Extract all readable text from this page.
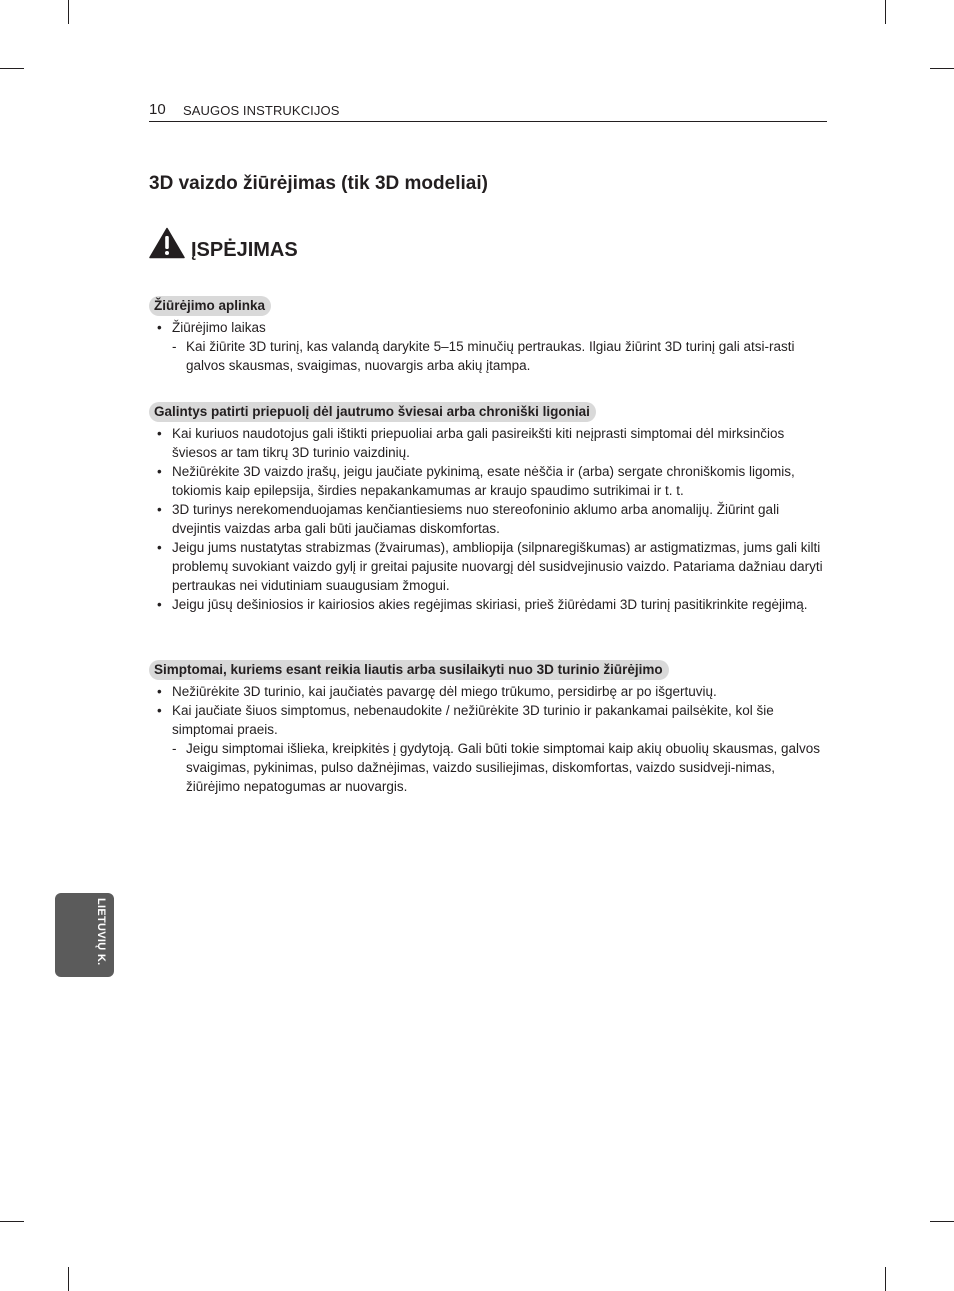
10 SAUGOS INSTRUKCIJOS
3D vaizdo žiūrėjimas (tik 3D modeliai)
ĮSPĖJIMAS
Žiūrėjimo aplinka
• Žiūrėjimo laikas
- Kai žiūrite 3D turinį, kas valandą darykite 5–15 minučių pertraukas. Ilgiau žiūrint 3D turinį gali atsi-rasti galvos skausmas, svaigimas, nuovargis arba akių įtampa.
Galintys patirti priepuolį dėl jautrumo šviesai arba chroniški ligoniai
• Kai kuriuos naudotojus gali ištikti priepuoliai arba gali pasireikšti kiti neįprasti simptomai dėl mirksinčios šviesos ar tam tikrų 3D turinio vaizdinių.
• Nežiūrėkite 3D vaizdo įrašų, jeigu jaučiate pykinimą, esate nėščia ir (arba) sergate chroniškomis ligomis, tokiomis kaip epilepsija, širdies nepakankamumas ar kraujo spaudimo sutrikimai ir t. t.
• 3D turinys nerekomenduojamas kenčiantiesiems nuo stereofoninio aklumo arba anomalijų. Žiūrint gali dvejintis vaizdas arba gali būti jaučiamas diskomfortas.
• Jeigu jums nustatytas strabizmas (žvairumas), ambliopija (silpnaregiškumas) ar astigmatizmas, jums gali kilti problemų suvokiant vaizdo gylį ir greitai pajusite nuovargį dėl susidvejinusio vaizdo. Patariama dažniau daryti pertraukas nei vidutiniam suaugusiam žmogui.
• Jeigu jūsų dešiniosios ir kairiosios akies regėjimas skiriasi, prieš žiūrėdami 3D turinį pasitikrinkite regėjimą.
Simptomai, kuriems esant reikia liautis arba susilaikyti nuo 3D turinio žiūrėjimo
• Nežiūrėkite 3D turinio, kai jaučiatės pavargę dėl miego trūkumo, persidirbę ar po išgertuvių.
• Kai jaučiate šiuos simptomus, nebenaudokite / nežiūrėkite 3D turinio ir pakankamai pailsėkite, kol šie simptomai praeis.
- Jeigu simptomai išlieka, kreipkitės į gydytoją. Gali būti tokie simptomai kaip akių obuolių skausmas, galvos svaigimas, pykinimas, pulso dažnėjimas, vaizdo susiliejimas, diskomfortas, vaizdo susidveji-nimas, žiūrėjimo nepatogumas ar nuovargis.
LIETUVIŲ K.
